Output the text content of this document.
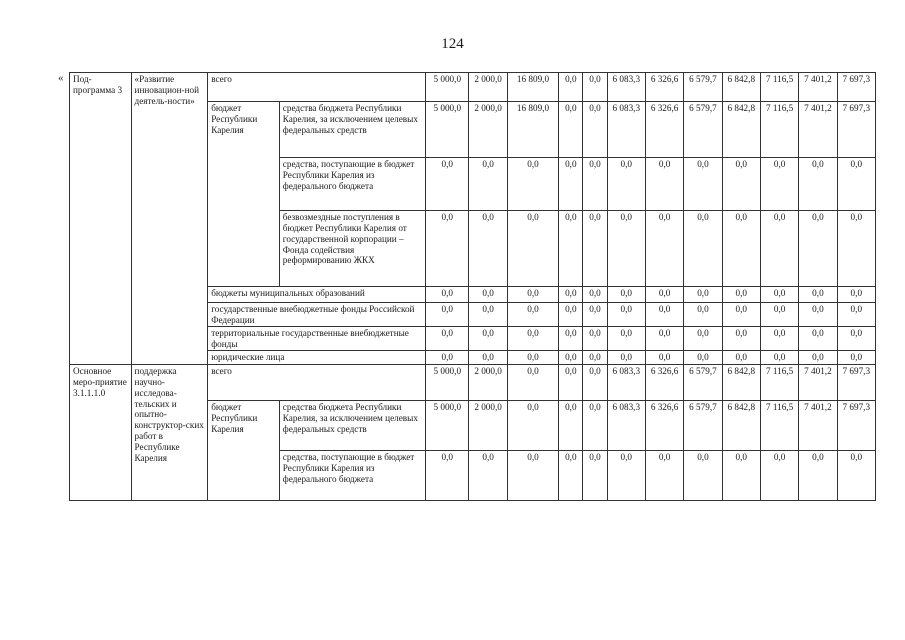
124
« Под-программа 3	«Развитие инновацион-ной деятель-ности»	всего		5 000,0	2 000,0	16 809,0	0,0	0,0	6 083,3	6 326,6	6 579,7	6 842,8	7 116,5	7 401,2	7 697,3
		бюджет Республики Карелия	средства бюджета Республики Карелия, за исключением целевых федеральных средств	5 000,0	2 000,0	16 809,0	0,0	0,0	6 083,3	6 326,6	6 579,7	6 842,8	7 116,5	7 401,2	7 697,3
			средства, поступающие в бюджет Республики Карелия из федерального бюджета	0,0	0,0	0,0	0,0	0,0	0,0	0,0	0,0	0,0	0,0	0,0	0,0
			безвозмездные поступления в бюджет Республики Карелия от государственной корпорации – Фонда содействия реформированию ЖКХ	0,0	0,0	0,0	0,0	0,0	0,0	0,0	0,0	0,0	0,0	0,0	0,0
		бюджеты муниципальных образований		0,0	0,0	0,0	0,0	0,0	0,0	0,0	0,0	0,0	0,0	0,0	0,0
		государственные внебюджетные фонды Российской Федерации		0,0	0,0	0,0	0,0	0,0	0,0	0,0	0,0	0,0	0,0	0,0	0,0
		территориальные государственные внебюджетные фонды		0,0	0,0	0,0	0,0	0,0	0,0	0,0	0,0	0,0	0,0	0,0	0,0
		юридические лица		0,0	0,0	0,0	0,0	0,0	0,0	0,0	0,0	0,0	0,0	0,0	0,0
Основное меро-приятие 3.1.1.1.0	поддержка научно-исследова-тельских и опытно-конструктор-ских работ в Республике Карелия	всего		5 000,0	2 000,0	0,0	0,0	0,0	6 083,3	6 326,6	6 579,7	6 842,8	7 116,5	7 401,2	7 697,3
		бюджет Республики Карелия	средства бюджета Республики Карелия, за исключением целевых федеральных средств	5 000,0	2 000,0	0,0	0,0	0,0	6 083,3	6 326,6	6 579,7	6 842,8	7 116,5	7 401,2	7 697,3
			средства, поступающие в бюджет Республики Карелия из федерального бюджета	0,0	0,0	0,0	0,0	0,0	0,0	0,0	0,0	0,0	0,0	0,0	0,0
